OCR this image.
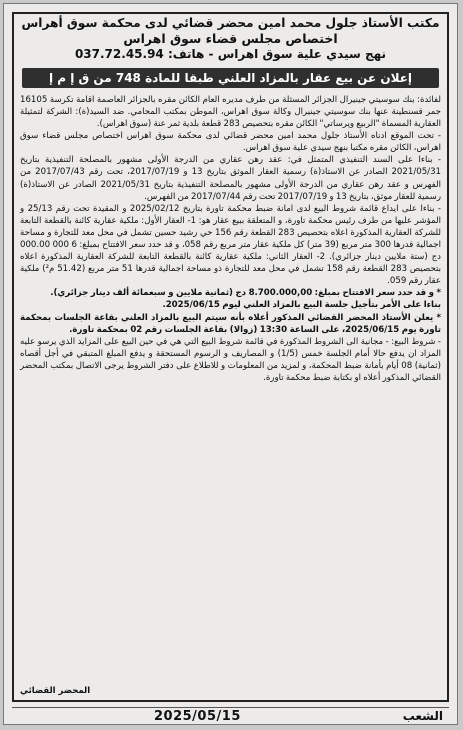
مكتب الأستاذ جلول محمد امين محضر قضائي لدى محكمة سوق أهراس
اختصاص مجلس قضاء سوق اهراس
نهج سيدي علية سوق اهراس - هاتف: 037.72.45.94
إعلان عن بيع عقار بالمزاد العلني طبقا للمادة 748 من ق إ م إ

لفائدة: بنك سوسيتي جينيرال الجزائر المسثلة من طرف مديره العام الكائن مقره بالجزائر العاصمة اقامة تكرسة 16105 جمر قسنطينة عنها بنك سوسيتي جينيرال وكالة سوق اهراس، الموطن بمكتب المحامي. ضد السيد(ة): الشركة لتمثيلة العقارية المسماة "الربيع ويرساتي" الكائن مقره بتحصيص 283 قطعة بلدية ثمر عنة (سوق اهراس).

- تحت الموقع ادناه الأستاذ جلول محمد امين محضر قضائي لدى محكمة سوق اهراس اختصاص مجلس قضاء سوق اهراس، الكائن مقره مكتبا بنهج سيدي علية سوق اهراس.

- بناءا على السند التنفيذي المتمثل في: عقد رهن عقاري من الدرجة الأولى مشهور بالمصلحة التنفيذية بتاريخ 2021/05/31 الصادر عن الاستاذ(ة) رسمية العقار الموثق بتاريخ 13 و 2017/07/19، تحت رقم 2017/07/43 من الفهرس و عقد رهن عقاري من الدرجة الأولى مشهور بالمصلحة التنفيذية بتاريخ 2021/05/31 الصادر عن الاستاذ(ة) رسمية للعقار موثق، بتاريخ 13 و 2017/07/19 تحت رقم 2017/07/44 من الفهرس.

- بناءا على ايداع قائمة شروط البيع لدى امانة ضبط محكمة تاورة بتاريخ 2025/02/12 و المقيدة تحت رقم 25/13 و المؤشر عليها من طرف رئيس محكمة تاورة، و المتعلقة ببيع عقار هو: 1- العقار الأول: ملكية عقارية كائنة بالقطعة التابعة للشركة العقارية المذكورة اعلاه بتحصيص 283 القطعة رقم 156 حي رشيد حسين تشمل في محل معد للتجارة و مساحة اجمالية قدرها 300 متر مربع (39 متر) كل ملكية عقار متر مربع رقم 058، و قد حدد سعر الافتتاح بمبلغ: 6 000 000.00 دج (ستة ملايين دينار جزائري). 2- العقار الثاني: ملكية عقارية كائنة بالقطعة التابعة للشركة العقارية المذكورة اعلاه بتحصيص 283 القطعة رقم 158 تشمل في محل معد للتجارة ذو مساحة اجمالية قدرها 51 متر مربع (51.42 م²) ملكية عقار رقم 059.

* و قد حدد سعر الافتتاح بمبلغ: 8.700.000,00 دج (ثمانية ملايين و سبعمائة ألف دينار جزائري).

بناءا على الأمر بتأجيل جلسة البيع بالمزاد العلني ليوم 2025/06/15.

* يعلن الأستاذ المحضر القضائي المذكور أعلاه بأنه سيتم البيع بالمزاد العلني بقاعة الجلسات بمحكمة تاورة يوم 2025/06/15، على الساعة 13:30 (زوالا) بقاعة الجلسات رقم 02 بمحكمة تاورة.

- شروط البيع: - مجانية الى الشروط المذكورة في قائمة شروط البيع التي هي في حين البيع على المزايد الذي يرسو عليه المزاد ان يدفع حالا أمام الجلسة خمس (1/5) و المصاريف و الرسوم المستحقة و يدفع المبلغ المتبقي في أجل أقصاه (ثمانية) 08 أيام بأمانة ضبط المحكمة، و لمزيد من المعلومات و للاطلاع على دفتر الشروط يرجى الاتصال بمكتب المحضر القضائي المذكور أعلاه او بكتابة ضبط محكمة تاورة.

المحضر القضائي
الشعب
2025/05/15
